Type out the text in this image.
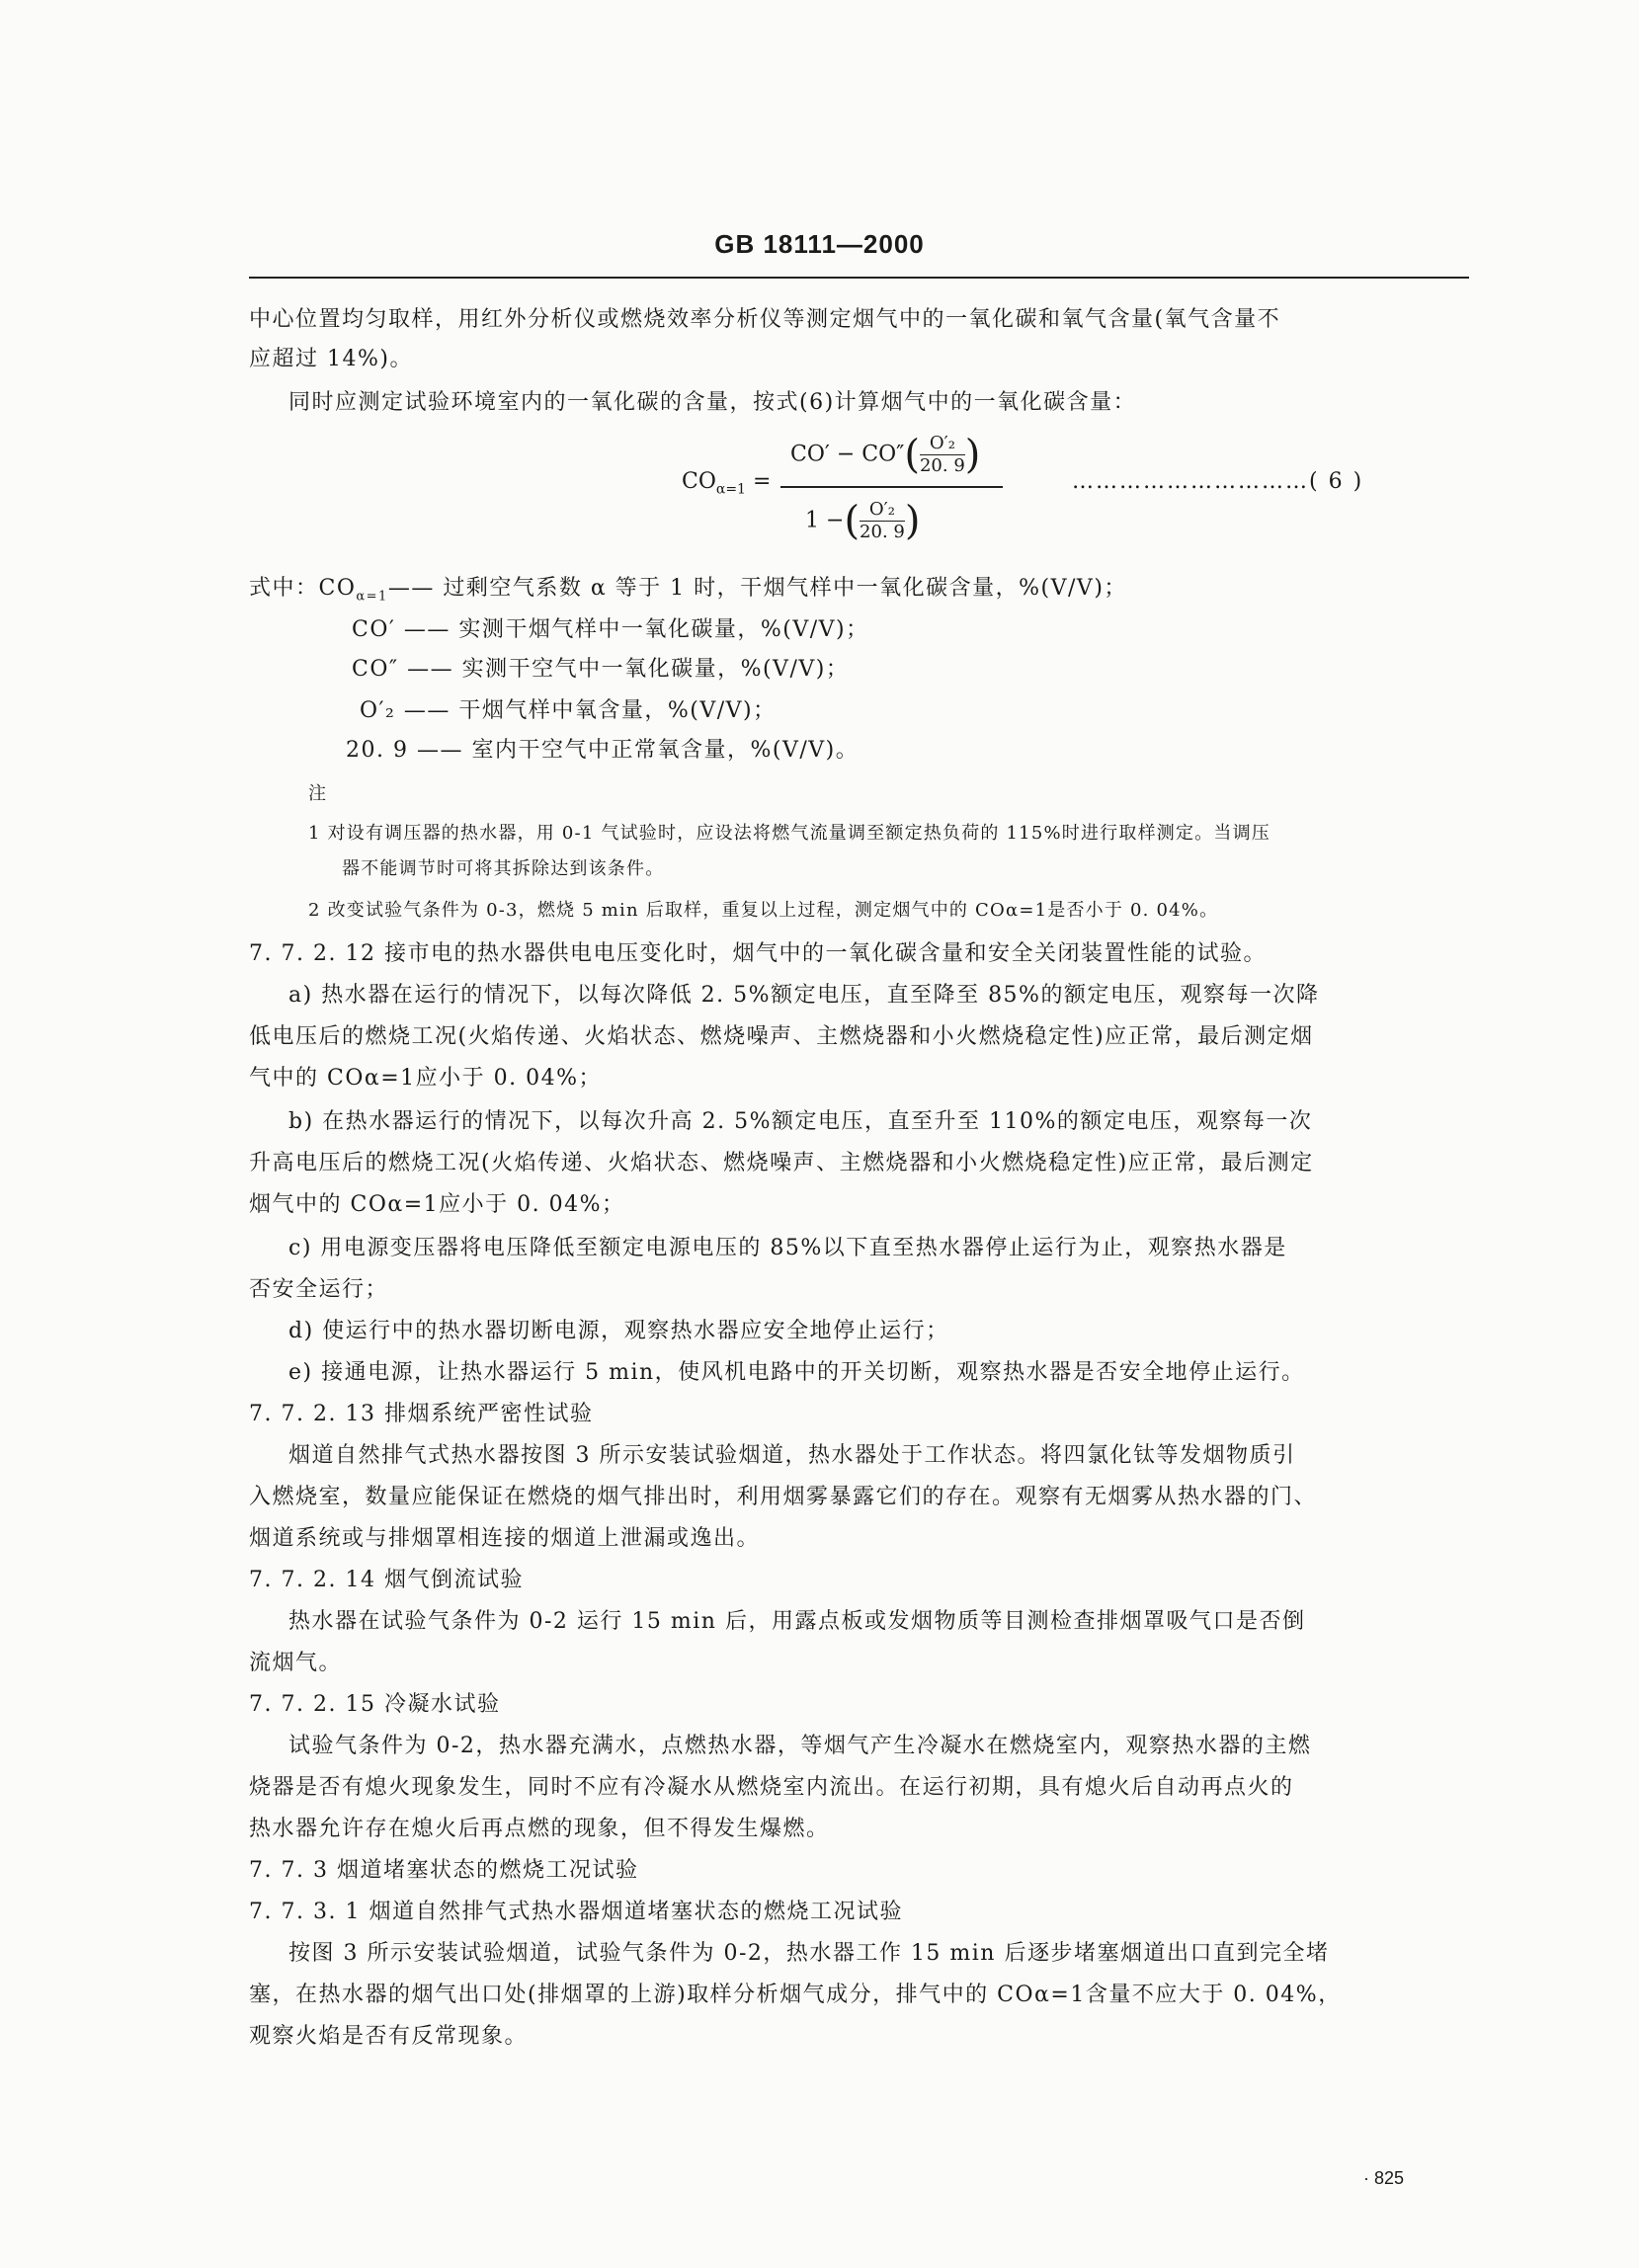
GB 18111—2000

中心位置均匀取样，用红外分析仪或燃烧效率分析仪等测定烟气中的一氧化碳和氧气含量(氧气含量不

应超过 14%)。

同时应测定试验环境室内的一氧化碳的含量，按式(6)计算烟气中的一氧化碳含量：

$CO_{\alpha=1}$ =
$CO' - CO''( \frac{\text{O′₂}}{20. 9}$ )
1 −( $\frac{\text{O′₂}}{20. 9}$ )
…………………………( 6 )

式中：$CO_{\alpha=1}——$ 过剩空气系数 α 等于 1 时，干烟气样中一氧化碳含量，%(V/V)；

CO′ —— 实测干烟气样中一氧化碳量，%(V/V)；

CO″ —— 实测干空气中一氧化碳量，%(V/V)；

O′₂ —— 干烟气样中氧含量，%(V/V)；

20. 9 —— 室内干空气中正常氧含量，%(V/V)。

注

1 对设有调压器的热水器，用 0-1 气试验时，应设法将燃气流量调至额定热负荷的 115%时进行取样测定。当调压

器不能调节时可将其拆除达到该条件。

2 改变试验气条件为 0-3，燃烧 5 min 后取样，重复以上过程，测定烟气中的 COα=1是否小于 0. 04%。

7. 7. 2. 12 接市电的热水器供电电压变化时，烟气中的一氧化碳含量和安全关闭装置性能的试验。

a) 热水器在运行的情况下，以每次降低 2. 5%额定电压，直至降至 85%的额定电压，观察每一次降

低电压后的燃烧工况(火焰传递、火焰状态、燃烧噪声、主燃烧器和小火燃烧稳定性)应正常，最后测定烟

气中的 COα=1应小于 0. 04%；

b) 在热水器运行的情况下，以每次升高 2. 5%额定电压，直至升至 110%的额定电压，观察每一次

升高电压后的燃烧工况(火焰传递、火焰状态、燃烧噪声、主燃烧器和小火燃烧稳定性)应正常，最后测定

烟气中的 COα=1应小于 0. 04%；

c) 用电源变压器将电压降低至额定电源电压的 85%以下直至热水器停止运行为止，观察热水器是

否安全运行；

d) 使运行中的热水器切断电源，观察热水器应安全地停止运行；

e) 接通电源，让热水器运行 5 min，使风机电路中的开关切断，观察热水器是否安全地停止运行。

7. 7. 2. 13 排烟系统严密性试验

烟道自然排气式热水器按图 3 所示安装试验烟道，热水器处于工作状态。将四氯化钛等发烟物质引

入燃烧室，数量应能保证在燃烧的烟气排出时，利用烟雾暴露它们的存在。观察有无烟雾从热水器的门、

烟道系统或与排烟罩相连接的烟道上泄漏或逸出。

7. 7. 2. 14 烟气倒流试验

热水器在试验气条件为 0-2 运行 15 min 后，用露点板或发烟物质等目测检查排烟罩吸气口是否倒

流烟气。

7. 7. 2. 15 冷凝水试验

试验气条件为 0-2，热水器充满水，点燃热水器，等烟气产生冷凝水在燃烧室内，观察热水器的主燃

烧器是否有熄火现象发生，同时不应有冷凝水从燃烧室内流出。在运行初期，具有熄火后自动再点火的

热水器允许存在熄火后再点燃的现象，但不得发生爆燃。

7. 7. 3 烟道堵塞状态的燃烧工况试验

7. 7. 3. 1 烟道自然排气式热水器烟道堵塞状态的燃烧工况试验

按图 3 所示安装试验烟道，试验气条件为 0-2，热水器工作 15 min 后逐步堵塞烟道出口直到完全堵

塞，在热水器的烟气出口处(排烟罩的上游)取样分析烟气成分，排气中的 COα=1含量不应大于 0. 04%，

观察火焰是否有反常现象。

· 825
